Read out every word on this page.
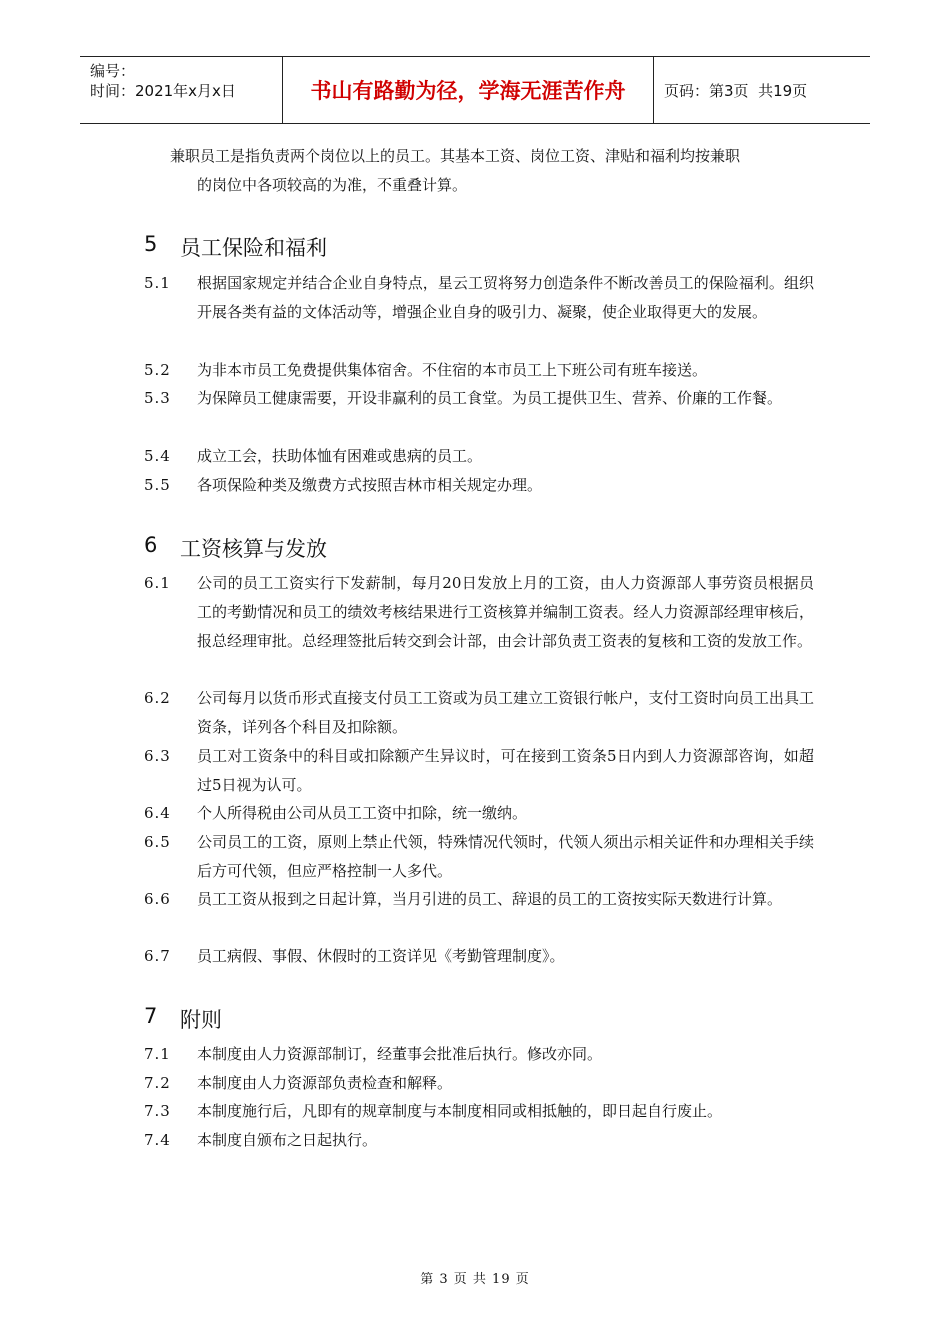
编号：
时间：2021年x月x日	书山有路勤为径，学海无涯苦作舟	页码：第3页  共19页
兼职员工是指负责两个岗位以上的员工。其基本工资、岗位工资、津贴和福利均按兼职
的岗位中各项较高的为准，不重叠计算。
5	员工保险和福利
5.1	根据国家规定并结合企业自身特点，星云工贸将努力创造条件不断改善员工的保险福利。组织开展各类有益的文体活动等，增强企业自身的吸引力、凝聚，使企业取得更大的发展。
5.2	为非本市员工免费提供集体宿舍。不住宿的本市员工上下班公司有班车接送。
5.3	为保障员工健康需要，开设非赢利的员工食堂。为员工提供卫生、营养、价廉的工作餐。
5.4	成立工会，扶助体恤有困难或患病的员工。
5.5	各项保险种类及缴费方式按照吉林市相关规定办理。
6	工资核算与发放
6.1	公司的员工工资实行下发薪制，每月20日发放上月的工资，由人力资源部人事劳资员根据员工的考勤情况和员工的绩效考核结果进行工资核算并编制工资表。经人力资源部经理审核后，报总经理审批。总经理签批后转交到会计部，由会计部负责工资表的复核和工资的发放工作。
6.2	公司每月以货币形式直接支付员工工资或为员工建立工资银行帐户，支付工资时向员工出具工资条，详列各个科目及扣除额。
6.3	员工对工资条中的科目或扣除额产生异议时，可在接到工资条5日内到人力资源部咨询，如超过5日视为认可。
6.4	个人所得税由公司从员工工资中扣除，统一缴纳。
6.5	公司员工的工资，原则上禁止代领，特殊情况代领时，代领人须出示相关证件和办理相关手续后方可代领，但应严格控制一人多代。
6.6	员工工资从报到之日起计算，当月引进的员工、辞退的员工的工资按实际天数进行计算。
6.7	员工病假、事假、休假时的工资详见《考勤管理制度》。
7	附则
7.1	本制度由人力资源部制订，经董事会批准后执行。修改亦同。
7.2	本制度由人力资源部负责检查和解释。
7.3	本制度施行后，凡即有的规章制度与本制度相同或相抵触的，即日起自行废止。
7.4	本制度自颁布之日起执行。
第 3 页 共 19 页
